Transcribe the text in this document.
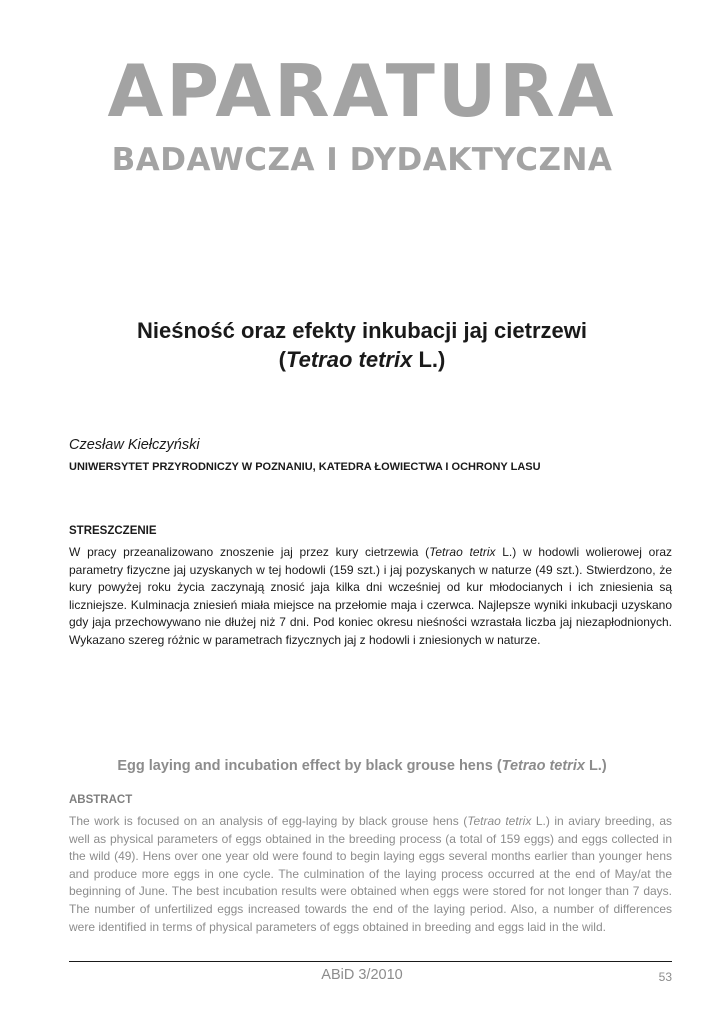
APARATURA
BADAWCZA I DYDAKTYCZNA
Nieśność oraz efekty inkubacji jaj cietrzewi
(Tetrao tetrix L.)
Czesław Kiełczyński
UNIWERSYTET PRZYRODNICZY W POZNANIU, KATEDRA ŁOWIECTWA I OCHRONY LASU
STRESZCZENIE

W pracy przeanalizowano znoszenie jaj przez kury cietrzewia (Tetrao tetrix L.) w hodowli wolierowej oraz parametry fizyczne jaj uzyskanych w tej hodowli (159 szt.) i jaj pozyskanych w naturze (49 szt.). Stwierdzono, że kury powyżej roku życia zaczynają znosić jaja kilka dni wcześniej od kur młodocianych i ich zniesienia są liczniejsze. Kulminacja zniesień miała miejsce na przełomie maja i czerwca. Najlepsze wyniki inkubacji uzyskano gdy jaja przechowywano nie dłużej niż 7 dni. Pod koniec okresu nieśności wzrastała liczba jaj niezapłodnionych. Wykazano szereg różnic w parametrach fizycznych jaj z hodowli i zniesionych w naturze.

Egg laying and incubation effect by black grouse hens (Tetrao tetrix L.)
ABSTRACT

The work is focused on an analysis of egg-laying by black grouse hens (Tetrao tetrix L.) in aviary breeding, as well as physical parameters of eggs obtained in the breeding process (a total of 159 eggs) and eggs collected in the wild (49). Hens over one year old were found to begin laying eggs several months earlier than younger hens and produce more eggs in one cycle. The culmination of the laying process occurred at the end of May/at the beginning of June. The best incubation results were obtained when eggs were stored for not longer than 7 days. The number of unfertilized eggs increased towards the end of the laying period. Also, a number of differences were identified in terms of physical parameters of eggs obtained in breeding and eggs laid in the wild.

ABiD 3/2010	53
